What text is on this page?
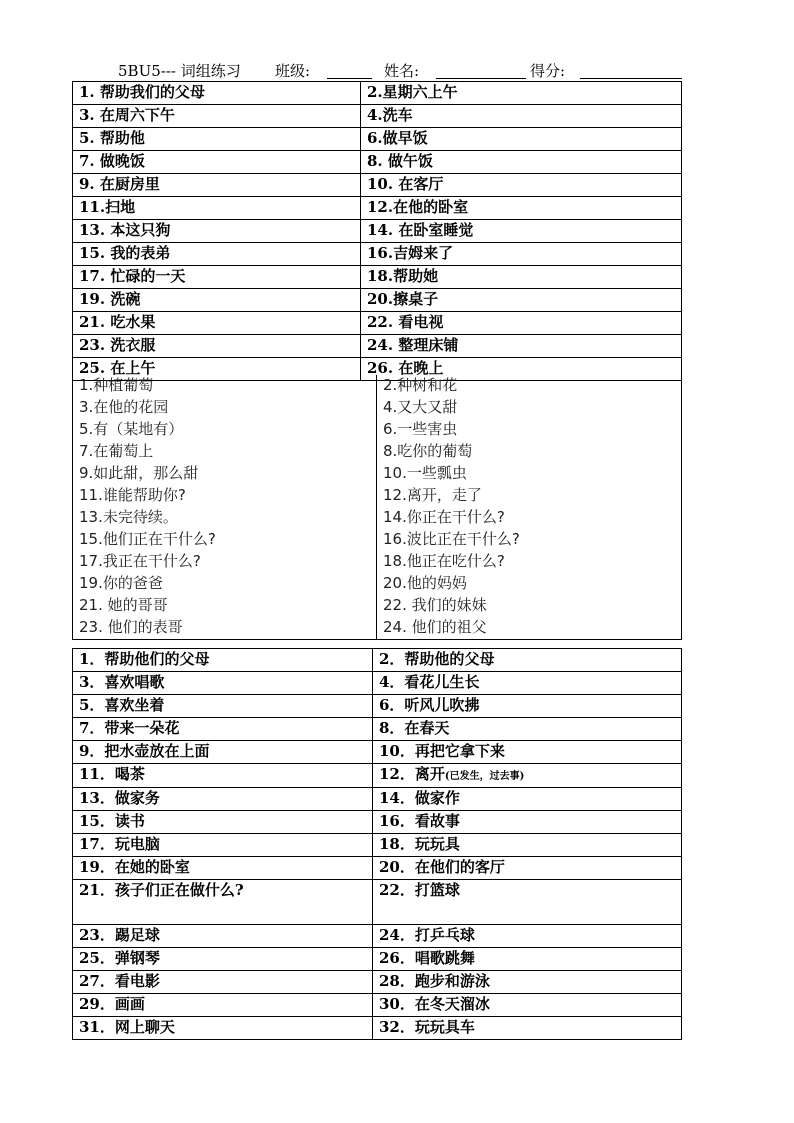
5BU5--- 词组练习 班级:	姓名:	得分:
1. 帮助我们的父母	2.星期六上午
3. 在周六下午	4.洗车
5. 帮助他	6.做早饭
7. 做晚饭	8. 做午饭
9. 在厨房里	10. 在客厅
11.扫地	12.在他的卧室
13. 本这只狗	14. 在卧室睡觉
15. 我的表弟	16.吉姆来了
17. 忙碌的一天	18.帮助她
19. 洗碗	20.擦桌子
21. 吃水果	22. 看电视
23. 洗衣服	24. 整理床铺
25. 在上午	26. 在晚上
1.种植葡萄	2.种树和花
3.在他的花园	4.又大又甜
5.有（某地有）	6.一些害虫
7.在葡萄上	8.吃你的葡萄
9.如此甜，那么甜	10.一些瓢虫
11.谁能帮助你?	12.离开，走了
13.未完待续。	14.你正在干什么?
15.他们正在干什么?	16.波比正在干什么?
17.我正在干什么?	18.他正在吃什么?
19.你的爸爸	20.他的妈妈
21. 她的哥哥	22. 我们的妹妹
23. 他们的表哥	24. 他们的祖父
1．帮助他们的父母	2．帮助他的父母
3．喜欢唱歌	4．看花儿生长
5．喜欢坐着	6．听风儿吹拂
7．带来一朵花	8．在春天
9．把水壶放在上面	10．再把它拿下来
11．喝茶	12．离开(已发生，过去事)
13．做家务	14．做家作
15．读书	16．看故事
17．玩电脑	18．玩玩具
19．在她的卧室	20．在他们的客厅
21．孩子们正在做什么?	22．打篮球
23．踢足球	24．打乒乓球
25．弹钢琴	26．唱歌跳舞
27．看电影	28．跑步和游泳
29．画画	30．在冬天溜冰
31．网上聊天	32．玩玩具车
